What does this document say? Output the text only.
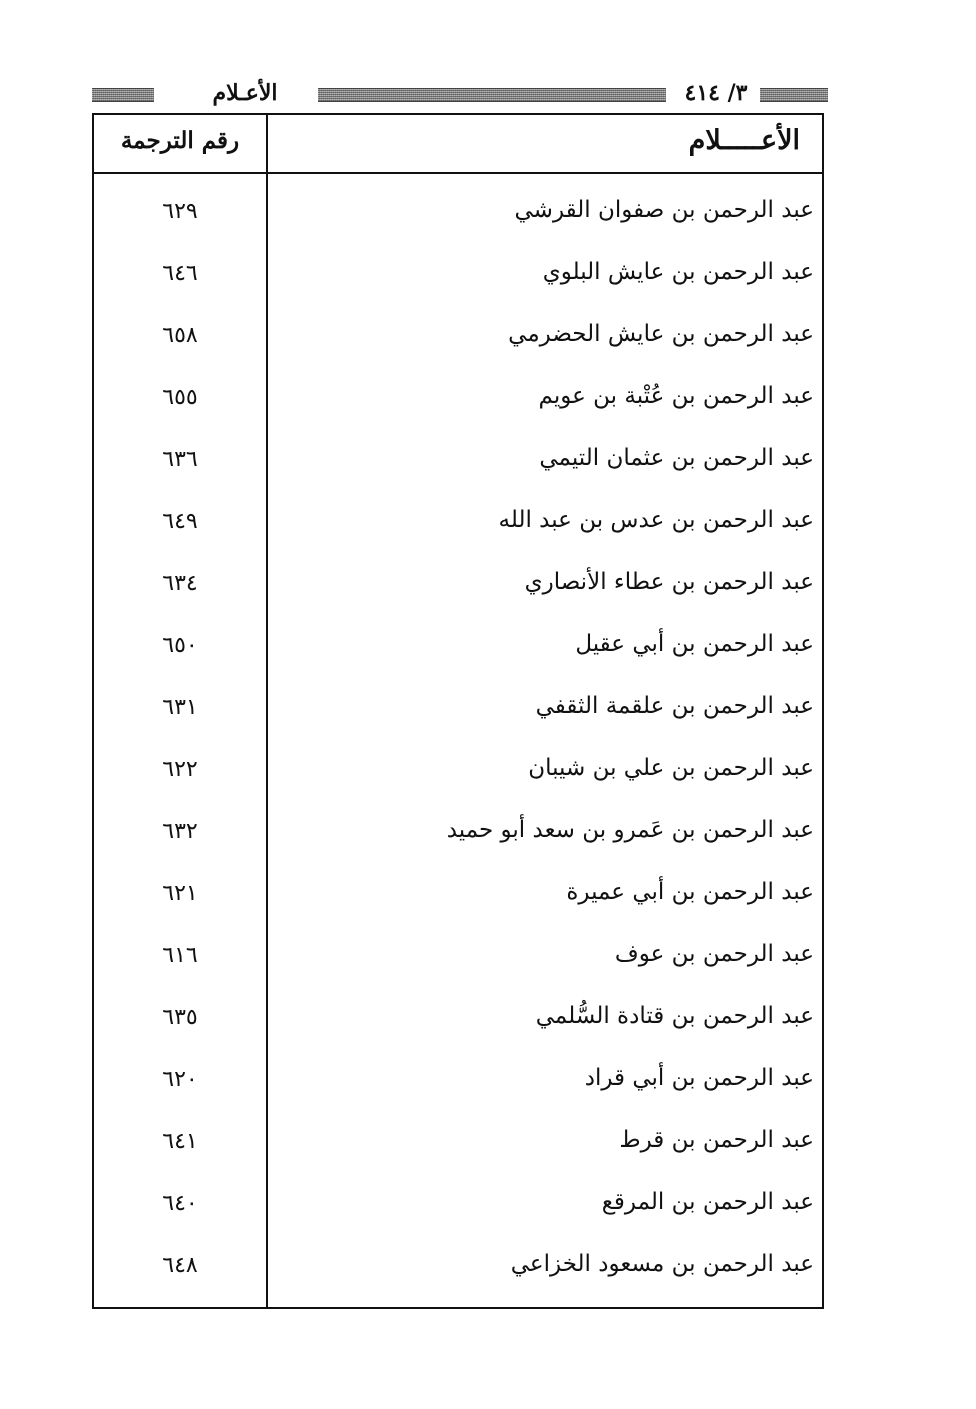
الأعـلام	٣/ ٤١٤
الأعـــــلام
رقم الترجمة
عبد الرحمن بن صفوان القرشي
٦٢٩
عبد الرحمن بن عايش البلوي
٦٤٦
عبد الرحمن بن عايش الحضرمي
٦٥٨
عبد الرحمن بن عُتْبة بن عويم
٦٥٥
عبد الرحمن بن عثمان التيمي
٦٣٦
عبد الرحمن بن عدس بن عبد الله
٦٤٩
عبد الرحمن بن عطاء الأنصاري
٦٣٤
عبد الرحمن بن أبي عقيل
٦٥٠
عبد الرحمن بن علقمة الثقفي
٦٣١
عبد الرحمن بن علي بن شيبان
٦٢٢
عبد الرحمن بن عَمرو بن سعد أبو حميد
٦٣٢
عبد الرحمن بن أبي عميرة
٦٢١
عبد الرحمن بن عوف
٦١٦
عبد الرحمن بن قتادة السُّلمي
٦٣٥
عبد الرحمن بن أبي قراد
٦٢٠
عبد الرحمن بن قرط
٦٤١
عبد الرحمن بن المرقع
٦٤٠
عبد الرحمن بن مسعود الخزاعي
٦٤٨
